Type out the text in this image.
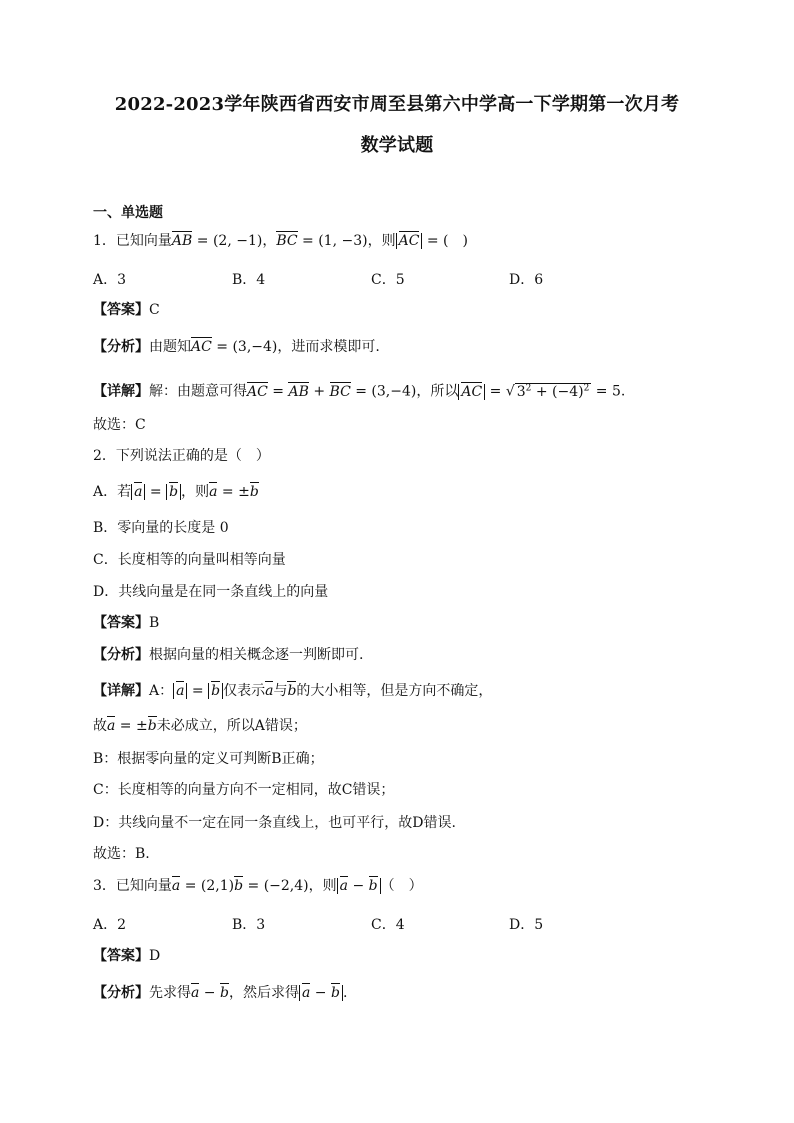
2022-2023学年陕西省西安市周至县第六中学高一下学期第一次月考
数学试题
一、单选题
1．已知向量AB = (2, −1)，BC = (1, −3)，则 AC = (　)
A．3	B．4	C．5	D．6
【答案】C
【分析】由题知AC = (3,−4)，进而求模即可.
【详解】解：由题意可得AC = AB + BC = (3,−4)，所以 AC = √ $3^2 + (-4)^2 = 5$.
故选：C
2．下列说法正确的是（　）
A．若 a = b ，则a = ±b
B．零向量的长度是 0
C．长度相等的向量叫相等向量
D．共线向量是在同一条直线上的向量
【答案】B
【分析】根据向量的相关概念逐一判断即可.
【详解】A： a = b 仅表示a与b的大小相等，但是方向不确定，
故a = ±b未必成立，所以A错误；
B：根据零向量的定义可判断B正确；
C：长度相等的向量方向不一定相同，故C错误；
D：共线向量不一定在同一条直线上，也可平行，故D错误.
故选：B.
3．已知向量a = (2,1)b = (−2,4)，则 a − b （　）
A．2	B．3	C．4	D．5
【答案】D
【分析】先求得a − b，然后求得 a − b .
